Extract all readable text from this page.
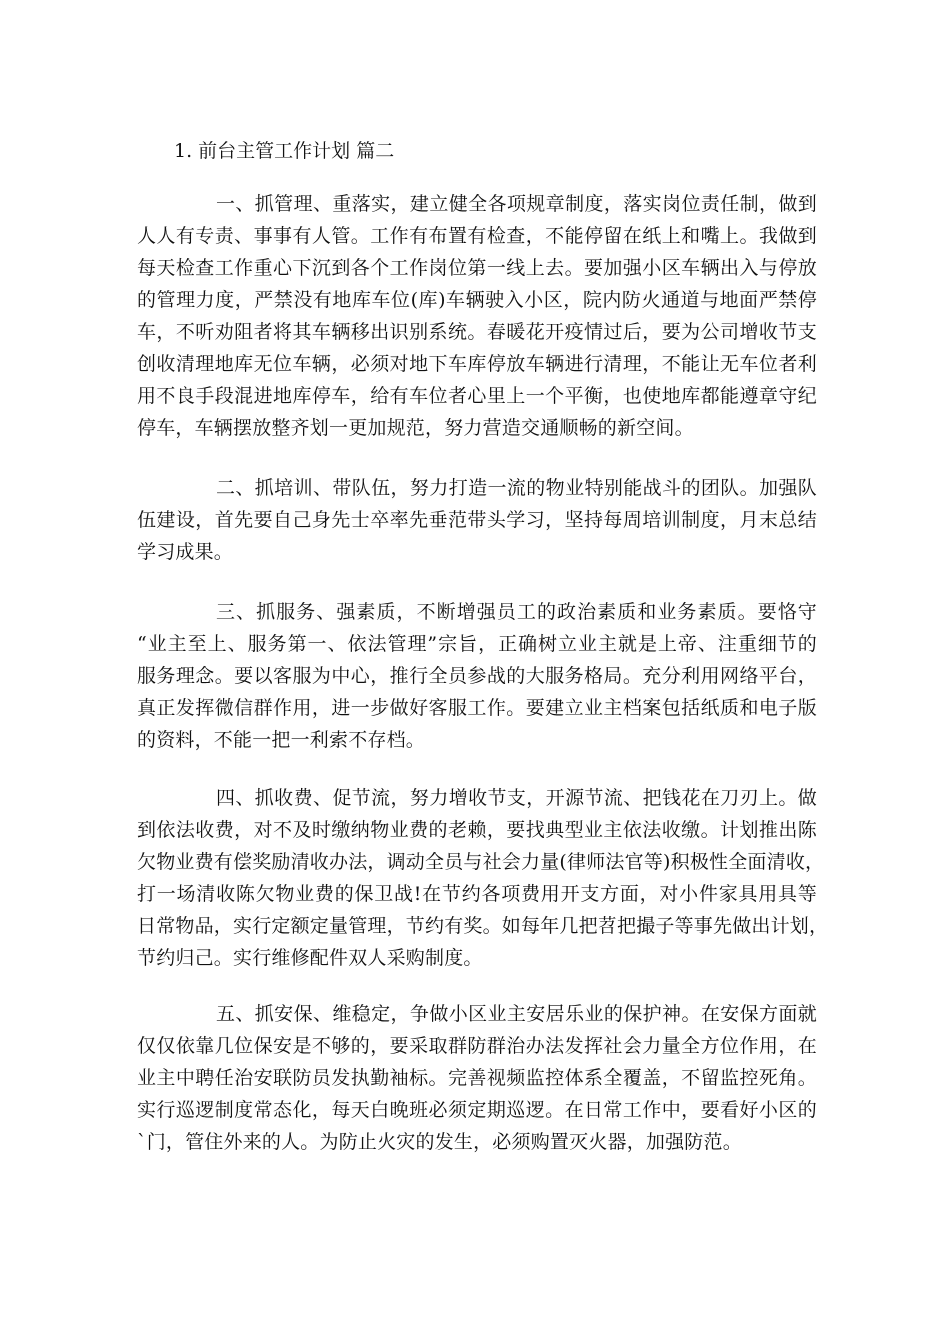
1. 前台主管工作计划 篇二
一、抓管理、重落实，建立健全各项规章制度，落实岗位责任制，做到
人人有专责、事事有人管。工作有布置有检查，不能停留在纸上和嘴上。我做到
每天检查工作重心下沉到各个工作岗位第一线上去。要加强小区车辆出入与停放
的管理力度，严禁没有地库车位(库)车辆驶入小区，院内防火通道与地面严禁停
车，不听劝阻者将其车辆移出识别系统。春暖花开疫情过后，要为公司增收节支
创收清理地库无位车辆，必须对地下车库停放车辆进行清理，不能让无车位者利
用不良手段混进地库停车，给有车位者心里上一个平衡，也使地库都能遵章守纪
停车，车辆摆放整齐划一更加规范，努力营造交通顺畅的新空间。
二、抓培训、带队伍，努力打造一流的物业特别能战斗的团队。加强队
伍建设，首先要自己身先士卒率先垂范带头学习，坚持每周培训制度，月末总结
学习成果。
三、抓服务、强素质，不断增强员工的政治素质和业务素质。要恪守
“业主至上、服务第一、依法管理”宗旨，正确树立业主就是上帝、注重细节的
服务理念。要以客服为中心，推行全员参战的大服务格局。充分利用网络平台，
真正发挥微信群作用，进一步做好客服工作。要建立业主档案包括纸质和电子版
的资料，不能一把一利索不存档。
四、抓收费、促节流，努力增收节支，开源节流、把钱花在刀刃上。做
到依法收费，对不及时缴纳物业费的老赖，要找典型业主依法收缴。计划推出陈
欠物业费有偿奖励清收办法，调动全员与社会力量(律师法官等)积极性全面清收，
打一场清收陈欠物业费的保卫战!在节约各项费用开支方面，对小件家具用具等
日常物品，实行定额定量管理，节约有奖。如每年几把苕把撮子等事先做出计划，
节约归己。实行维修配件双人采购制度。
五、抓安保、维稳定，争做小区业主安居乐业的保护神。在安保方面就
仅仅依靠几位保安是不够的，要采取群防群治办法发挥社会力量全方位作用，在
业主中聘任治安联防员发执勤袖标。完善视频监控体系全覆盖，不留监控死角。
实行巡逻制度常态化，每天白晚班必须定期巡逻。在日常工作中，要看好小区的
`门，管住外来的人。为防止火灾的发生，必须购置灭火器，加强防范。
